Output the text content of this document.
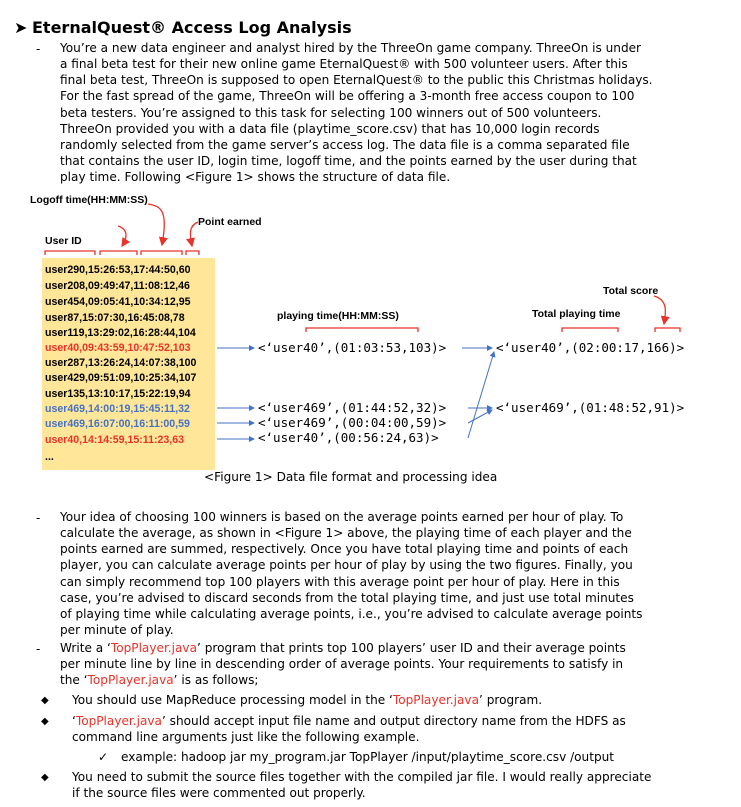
➤ EternalQuest® Access Log Analysis
- You’re a new data engineer and analyst hired by the ThreeOn game company. ThreeOn is under
a final beta test for their new online game EternalQuest® with 500 volunteer users. After this
final beta test, ThreeOn is supposed to open EternalQuest® to the public this Christmas holidays.
For the fast spread of the game, ThreeOn will be offering a 3-month free access coupon to 100
beta testers. You’re assigned to this task for selecting 100 winners out of 500 volunteers.
ThreeOn provided you with a data file (playtime_score.csv) that has 10,000 login records
randomly selected from the game server’s access log. The data file is a comma separated file
that contains the user ID, login time, logoff time, and the points earned by the user during that
play time. Following <Figure 1> shows the structure of data file.
Logoff time(HH:MM:SS)
Point earned
User ID
playing time(HH:MM:SS)	Total playing time
Total score
user290,15:26:53,17:44:50,60
user208,09:49:47,11:08:12,46
user454,09:05:41,10:34:12,95
user87,15:07:30,16:45:08,78
user119,13:29:02,16:28:44,104
user40,09:43:59,10:47:52,103
user287,13:26:24,14:07:38,100
user429,09:51:09,10:25:34,107
user135,13:10:17,15:22:19,94
user469,14:00:19,15:45:11,32
user469,16:07:00,16:11:00,59
user40,14:14:59,15:11:23,63
...
<‘user40’,(01:03:53,103)>
<‘user469’,(01:44:52,32)>
<‘user469’,(00:04:00,59)>
<‘user40’,(00:56:24,63)>
<‘user40’,(02:00:17,166)>
<‘user469’,(01:48:52,91)>
<Figure 1> Data file format and processing idea
- Your idea of choosing 100 winners is based on the average points earned per hour of play. To
calculate the average, as shown in <Figure 1> above, the playing time of each player and the
points earned are summed, respectively. Once you have total playing time and points of each
player, you can calculate average points per hour of play by using the two figures. Finally, you
can simply recommend top 100 players with this average point per hour of play. Here in this
case, you’re advised to discard seconds from the total playing time, and just use total minutes
of playing time while calculating average points, i.e., you’re advised to calculate average points
per minute of play.
- Write a ‘TopPlayer.java’ program that prints top 100 players’ user ID and their average points
per minute line by line in descending order of average points. Your requirements to satisfy in
the ‘TopPlayer.java’ is as follows;
◆ You should use MapReduce processing model in the ‘TopPlayer.java’ program.
◆ ‘TopPlayer.java’ should accept input file name and output directory name from the HDFS as
command line arguments just like the following example.
✓ example: hadoop jar my_program.jar TopPlayer /input/playtime_score.csv /output
◆ You need to submit the source files together with the compiled jar file. I would really appreciate
if the source files were commented out properly.
